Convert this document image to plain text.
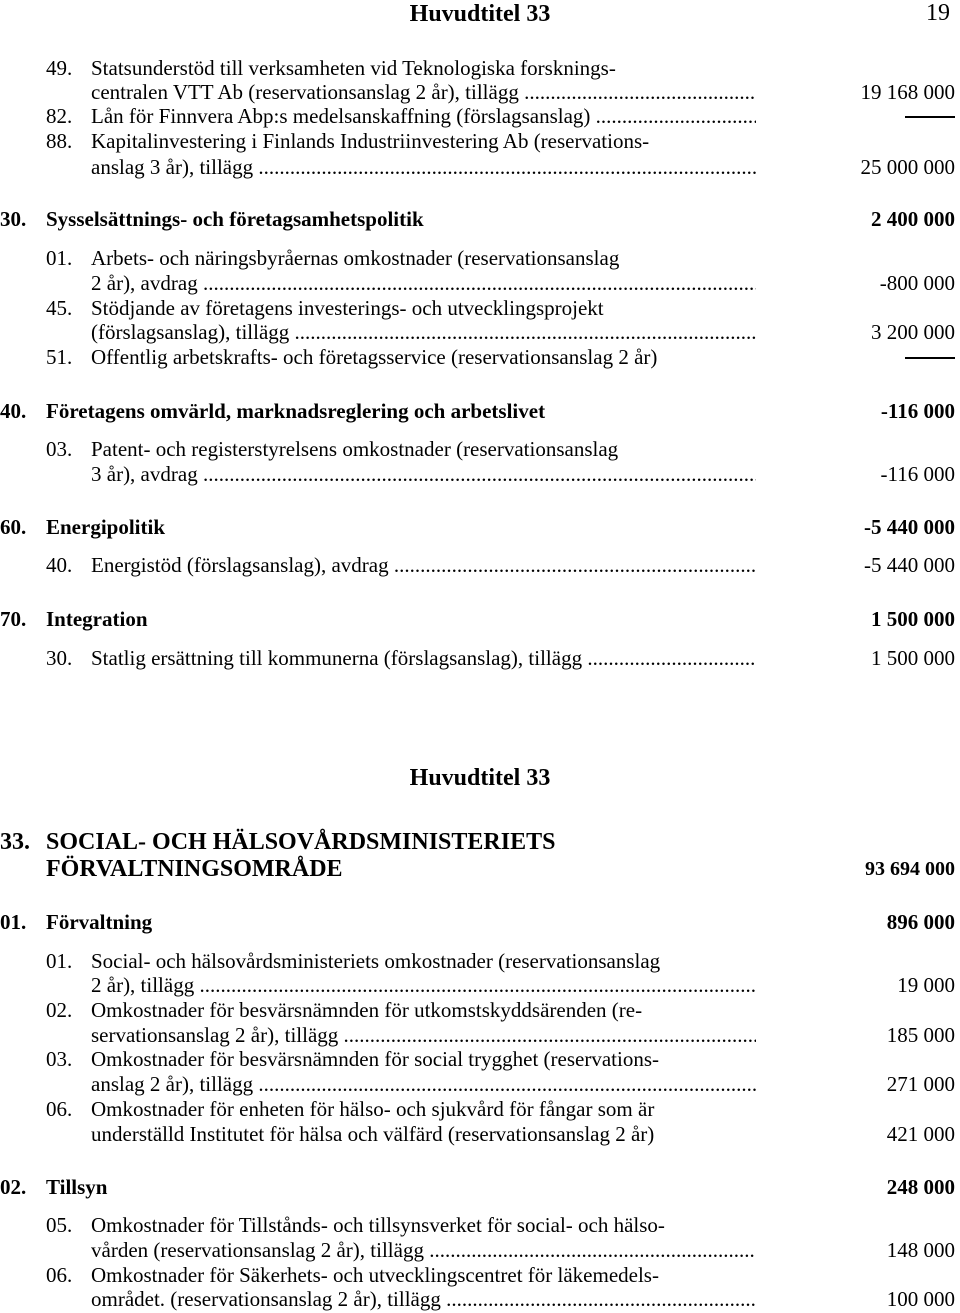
Huvudtitel 33	19
49. Statsunderstöd till verksamheten vid Teknologiska forsknings-
centralen VTT Ab (reservationsanslag 2 år), tillägg .....	19 168 000
82. Lån för Finnvera Abp:s medelsanskaffning (förslagsanslag) .....
88. Kapitalinvestering i Finlands Industriinvestering Ab (reservations-
anslag 3 år), tillägg .....	25 000 000
30. Sysselsättnings- och företagsamhetspolitik	2 400 000
01. Arbets- och näringsbyråernas omkostnader (reservationsanslag
2 år), avdrag .....	-800 000
45. Stödjande av företagens investerings- och utvecklingsprojekt
(förslagsanslag), tillägg .....	3 200 000
51. Offentlig arbetskrafts- och företagsservice (reservationsanslag 2 år)
40. Företagens omvärld, marknadsreglering och arbetslivet	-116 000
03. Patent- och registerstyrelsens omkostnader (reservationsanslag
3 år), avdrag .....	-116 000
60. Energipolitik	-5 440 000
40. Energistöd (förslagsanslag), avdrag .....	-5 440 000
70. Integration	1 500 000
30. Statlig ersättning till kommunerna (förslagsanslag), tillägg .....	1 500 000
Huvudtitel 33
33. SOCIAL- OCH HÄLSOVÅRDSMINISTERIETS
FÖRVALTNINGSOMRÅDE	93 694 000
01. Förvaltning	896 000
01. Social- och hälsovårdsministeriets omkostnader (reservationsanslag
2 år), tillägg .....	19 000
02. Omkostnader för besvärsnämnden för utkomstskyddsärenden (re-
servationsanslag 2 år), tillägg .....	185 000
03. Omkostnader för besvärsnämnden för social trygghet (reservations-
anslag 2 år), tillägg .....	271 000
06. Omkostnader för enheten för hälso- och sjukvård för fångar som är
underställd Institutet för hälsa och välfärd (reservationsanslag 2 år)	421 000
02. Tillsyn	248 000
05. Omkostnader för Tillstånds- och tillsynsverket för social- och hälso-
vården (reservationsanslag 2 år), tillägg .....	148 000
06. Omkostnader för Säkerhets- och utvecklingscentret för läkemedels-
området. (reservationsanslag 2 år), tillägg .....	100 000
